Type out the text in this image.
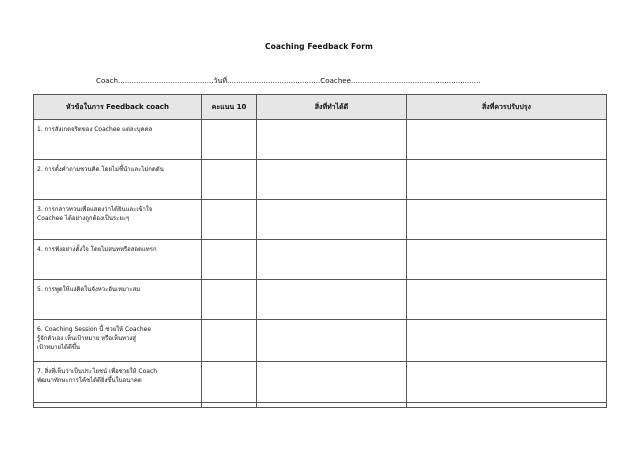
Coaching Feedback Form
Coach..........................................วันที่.........................................Coachee.........................................................
หัวข้อในการ Feedback coach	คะแนน 10	สิ่งที่ทำได้ดี	สิ่งที่ควรปรับปรุง
1. การสังเกตจริตของ Coachee แต่ละบุคคล			
2. การตั้งคำถามชวนคิด โดยไม่ชี้นำและไม่กดดัน			
3. การกล่าวทวนเพื่อแสดงว่าได้ยินและเข้าใจ
Coachee ได้อย่างถูกต้องเป็นระยะๆ			
4. การฟังอย่างตั้งใจ โดยไม่สนทหรือสอดแทรก			
5. การพูดให้แง่คิดในจังหวะอันเหมาะสม			
6. Coaching Session นี้ ช่วยให้ Coachee
รู้จักตัวเอง เห็นเป้าหมาย หรือเห็นทางสู่
เป้าหมายได้ดีขึ้น			
7. สิ่งที่เห็นว่าเป็นประโยชน์ เพื่อช่วยให้ Coach
พัฒนาทักษะการโค้ชได้ดียิ่งขึ้นในอนาคต			
